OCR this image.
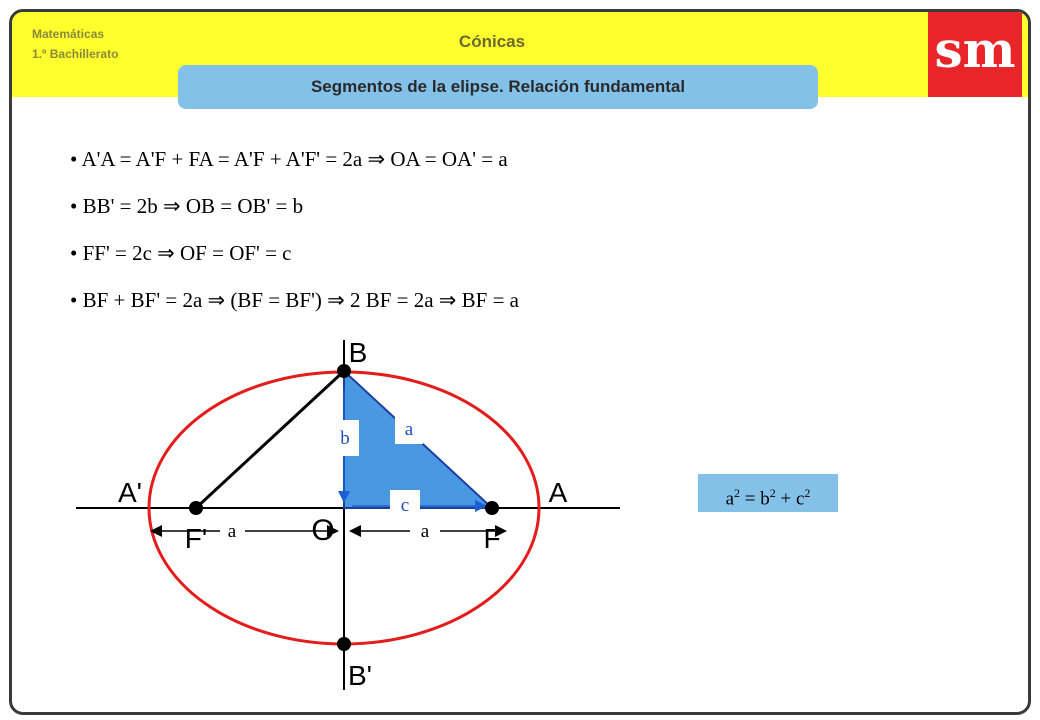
Matemáticas
1.º Bachillerato
Cónicas	sm
Segmentos de la elipse. Relación fundamental
• A'A = A'F + FA = A'F + A'F' = 2a ⇒ OA = OA' = a
• BB' = 2b ⇒ OB = OB' = b
• FF' = 2c ⇒ OF = OF' = c
• BF + BF' = 2a ⇒ (BF = BF') ⇒ 2 BF = 2a ⇒ BF = a
b	a
c
a	a
B
B'
A
A'
F
F'	O
$a^2 = b^2 + c^2$
